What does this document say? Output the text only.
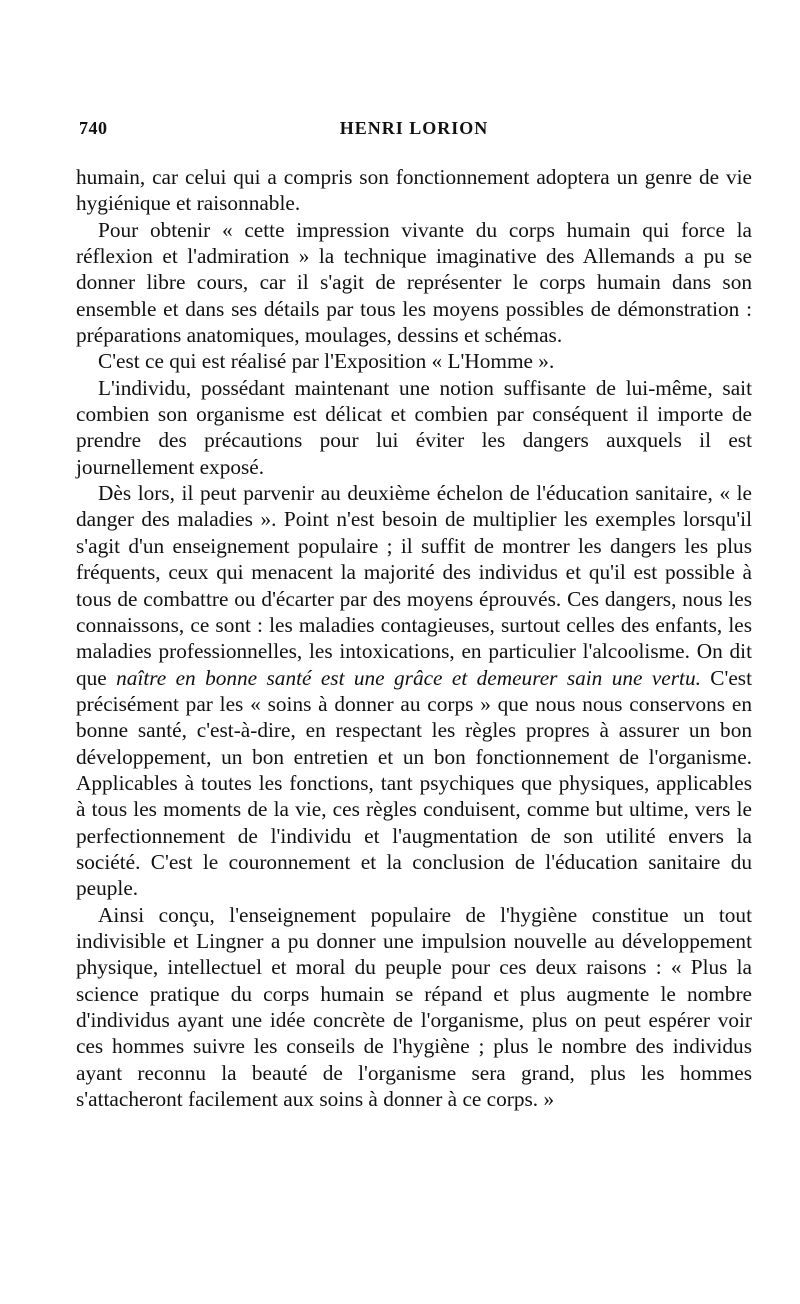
740	HENRI LORION

humain, car celui qui a compris son fonctionnement adoptera un genre de vie hygiénique et raisonnable.

Pour obtenir « cette impression vivante du corps humain qui force la réflexion et l'admiration » la technique imaginative des Allemands a pu se donner libre cours, car il s'agit de représenter le corps humain dans son ensemble et dans ses détails par tous les moyens possibles de démonstration : préparations anatomiques, moulages, dessins et schémas.

C'est ce qui est réalisé par l'Exposition « L'Homme ».

L'individu, possédant maintenant une notion suffisante de lui-même, sait combien son organisme est délicat et combien par conséquent il importe de prendre des précautions pour lui éviter les dangers auxquels il est journellement exposé.

Dès lors, il peut parvenir au deuxième échelon de l'éducation sanitaire, « le danger des maladies ». Point n'est besoin de multiplier les exemples lorsqu'il s'agit d'un enseignement populaire ; il suffit de montrer les dangers les plus fréquents, ceux qui menacent la majorité des individus et qu'il est possible à tous de combattre ou d'écarter par des moyens éprouvés. Ces dangers, nous les connaissons, ce sont : les maladies contagieuses, surtout celles des enfants, les maladies professionnelles, les intoxications, en particulier l'alcoolisme. On dit que naître en bonne santé est une grâce et demeurer sain une vertu. C'est précisément par les « soins à donner au corps » que nous nous conservons en bonne santé, c'est-à-dire, en respectant les règles propres à assurer un bon développement, un bon entretien et un bon fonctionnement de l'organisme. Applicables à toutes les fonctions, tant psychiques que physiques, applicables à tous les moments de la vie, ces règles conduisent, comme but ultime, vers le perfectionnement de l'individu et l'augmentation de son utilité envers la société. C'est le couronnement et la conclusion de l'éducation sanitaire du peuple.

Ainsi conçu, l'enseignement populaire de l'hygiène constitue un tout indivisible et Lingner a pu donner une impulsion nouvelle au développement physique, intellectuel et moral du peuple pour ces deux raisons : « Plus la science pratique du corps humain se répand et plus augmente le nombre d'individus ayant une idée concrète de l'organisme, plus on peut espérer voir ces hommes suivre les conseils de l'hygiène ; plus le nombre des individus ayant reconnu la beauté de l'organisme sera grand, plus les hommes s'attacheront facilement aux soins à donner à ce corps. »
